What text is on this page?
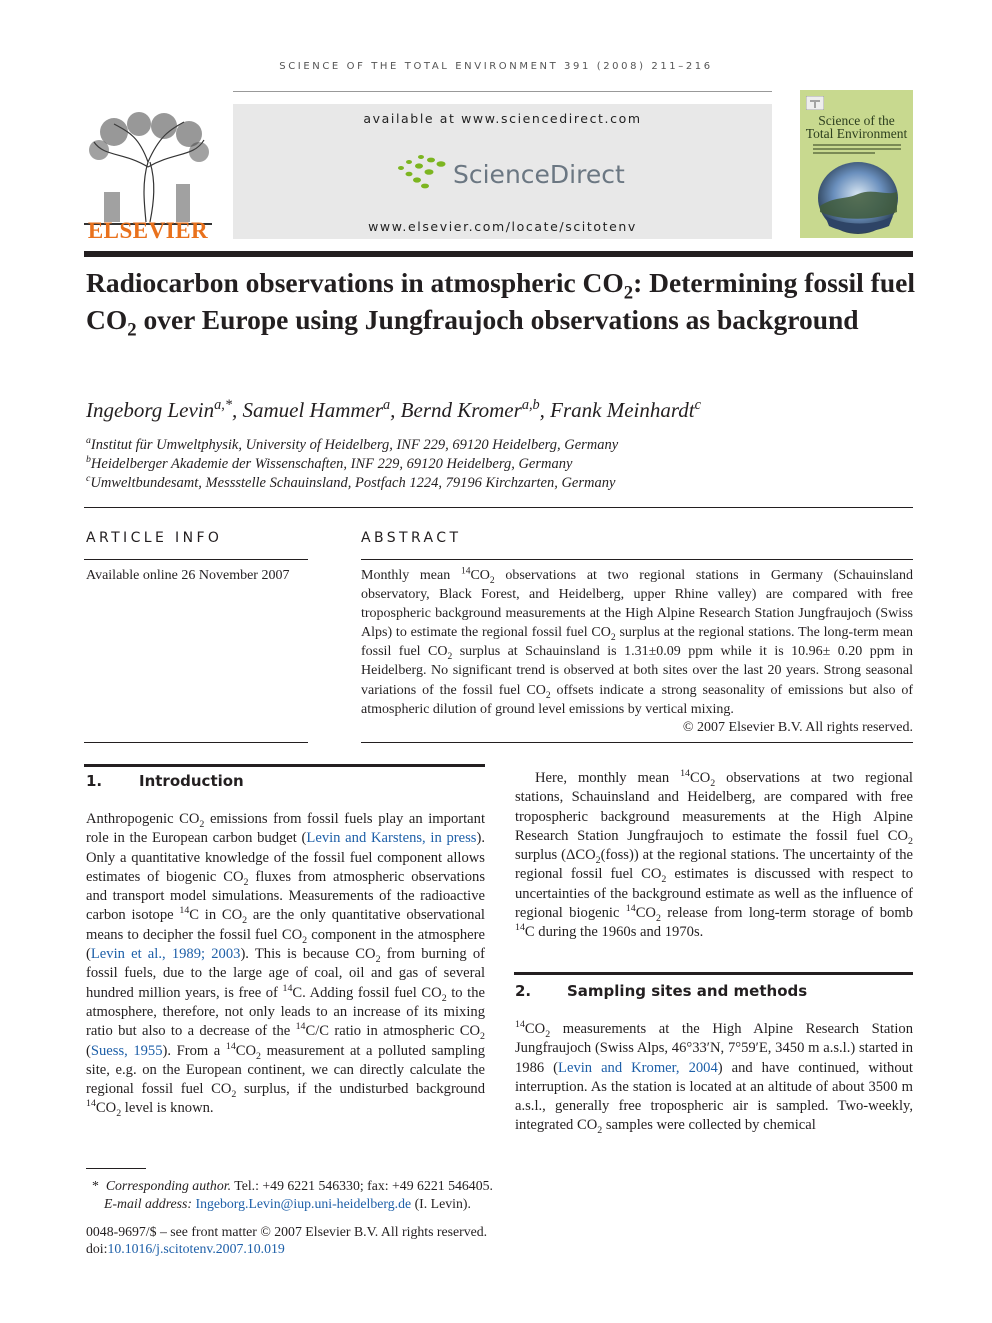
SCIENCE OF THE TOTAL ENVIRONMENT 391 (2008) 211–216
ELSEVIER
available at www.sciencedirect.com
ScienceDirect
www.elsevier.com/locate/scitotenv
Science of the
Total Environment
Radiocarbon observations in atmospheric $CO_2$: Determining fossil fuel $CO_2$ over Europe using Jungfraujoch observations as background
Ingeborg Levin$^{a,*}$, Samuel Hammer$^a$, Bernd Kromer$^{a,b}$, Frank Meinhardt$^c$
$^a$Institut für Umweltphysik, University of Heidelberg, INF 229, 69120 Heidelberg, Germany
$^b$Heidelberger Akademie der Wissenschaften, INF 229, 69120 Heidelberg, Germany
$^c$Umweltbundesamt, Messstelle Schauinsland, Postfach 1224, 79196 Kirchzarten, Germany
ARTICLE INFO
Available online 26 November 2007
ABSTRACT
Monthly mean $^{14}CO_2$ observations at two regional stations in Germany (Schauinsland observatory, Black Forest, and Heidelberg, upper Rhine valley) are compared with free tropospheric background measurements at the High Alpine Research Station Jungfraujoch (Swiss Alps) to estimate the regional fossil fuel $CO_2$ surplus at the regional stations. The long-term mean fossil fuel $CO_2$ surplus at Schauinsland is 1.31±0.09 ppm while it is 10.96± 0.20 ppm in Heidelberg. No significant trend is observed at both sites over the last 20 years. Strong seasonal variations of the fossil fuel $CO_2$ offsets indicate a strong seasonality of emissions but also of atmospheric dilution of ground level emissions by vertical mixing.
© 2007 Elsevier B.V. All rights reserved.
1. Introduction
Anthropogenic $CO_2$ emissions from fossil fuels play an important role in the European carbon budget (Levin and Karstens, in press). Only a quantitative knowledge of the fossil fuel component allows estimates of biogenic $CO_2$ fluxes from atmospheric observations and transport model simulations. Measurements of the radioactive carbon isotope $^{14}$C in $CO_2$ are the only quantitative observational means to decipher the fossil fuel $CO_2$ component in the atmosphere (Levin et al., 1989; 2003). This is because $CO_2$ from burning of fossil fuels, due to the large age of coal, oil and gas of several hundred million years, is free of $^{14}$C. Adding fossil fuel $CO_2$ to the atmosphere, therefore, not only leads to an increase of its mixing ratio but also to a decrease of the $^{14}$C/C ratio in atmospheric $CO_2$ (Suess, 1955). From a $^{14}CO_2$ measurement at a polluted sampling site, e.g. on the European continent, we can directly calculate the regional fossil fuel $CO_2$ surplus, if the undisturbed background $^{14}CO_2$ level is known.
Here, monthly mean $^{14}CO_2$ observations at two regional stations, Schauinsland and Heidelberg, are compared with free tropospheric background measurements at the High Alpine Research Station Jungfraujoch to estimate the fossil fuel $CO_2$ surplus $(\Delta CO_2(foss))$ at the regional stations. The uncertainty of the regional fossil fuel $CO_2$ estimates is discussed with respect to uncertainties of the background estimate as well as the influence of regional biogenic $^{14}CO_2$ release from long-term storage of bomb $^{14}$C during the 1960s and 1970s.
2. Sampling sites and methods
$^{14}CO_2$ measurements at the High Alpine Research Station Jungfraujoch (Swiss Alps, 46°33′N, 7°59′E, 3450 m a.s.l.) started in 1986 (Levin and Kromer, 2004) and have continued, without interruption. As the station is located at an altitude of about 3500 m a.s.l., generally free tropospheric air is sampled. Two-weekly, integrated $CO_2$ samples were collected by chemical
* Corresponding author. Tel.: +49 6221 546330; fax: +49 6221 546405.
E-mail address: Ingeborg.Levin@iup.uni-heidelberg.de (I. Levin).
0048-9697/$ – see front matter © 2007 Elsevier B.V. All rights reserved.
doi:10.1016/j.scitotenv.2007.10.019
